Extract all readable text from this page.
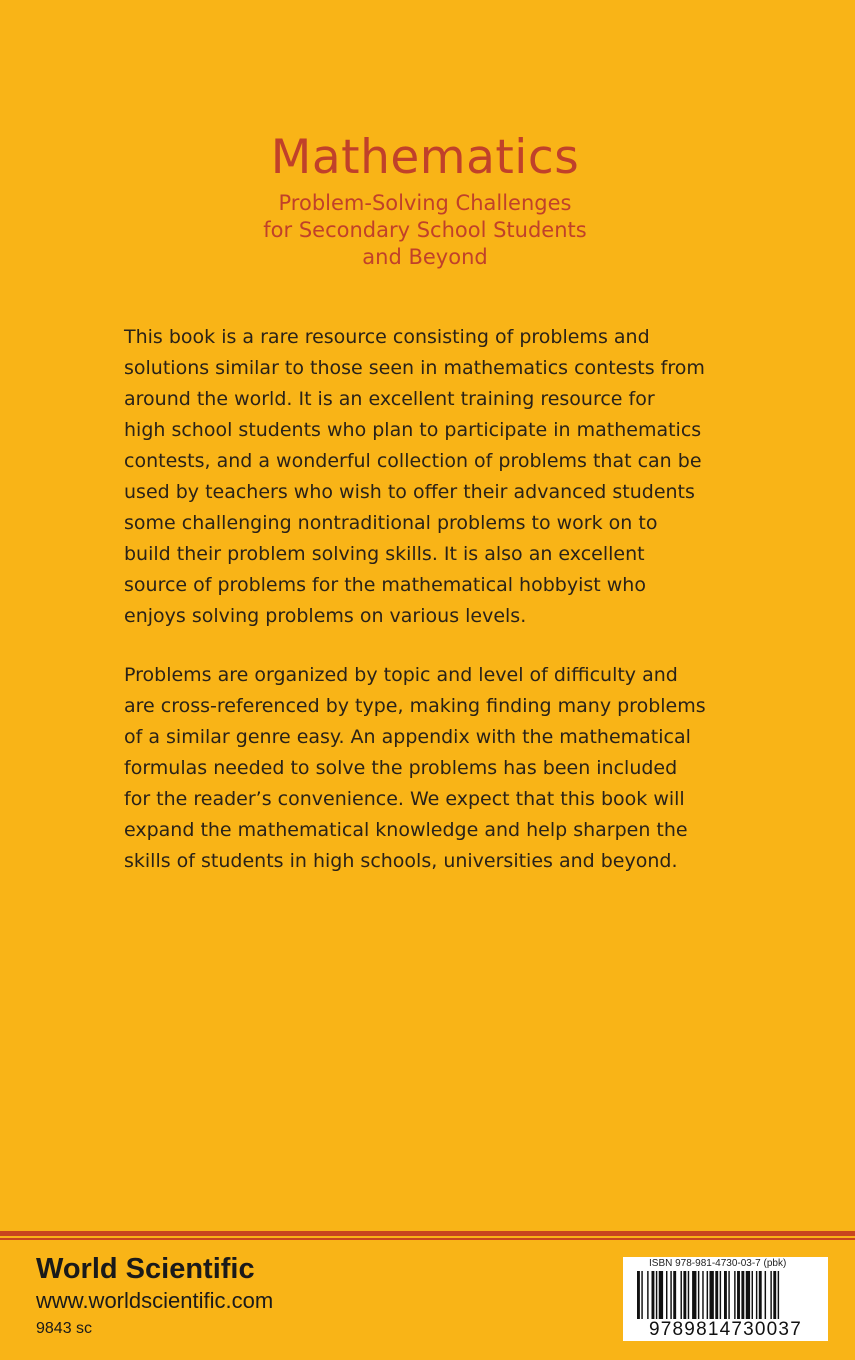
Mathematics
Problem-Solving Challenges
for Secondary School Students
and Beyond

This book is a rare resource consisting of problems and
solutions similar to those seen in mathematics contests from
around the world. It is an excellent training resource for
high school students who plan to participate in mathematics
contests, and a wonderful collection of problems that can be
used by teachers who wish to offer their advanced students
some challenging nontraditional problems to work on to
build their problem solving skills. It is also an excellent
source of problems for the mathematical hobbyist who
enjoys solving problems on various levels.

Problems are organized by topic and level of difficulty and
are cross-referenced by type, making finding many problems
of a similar genre easy. An appendix with the mathematical
formulas needed to solve the problems has been included
for the reader’s convenience. We expect that this book will
expand the mathematical knowledge and help sharpen the
skills of students in high schools, universities and beyond.

World Scientific
www.worldscientific.com
9843 sc
ISBN 978-981-4730-03-7 (pbk)
9789814730037
